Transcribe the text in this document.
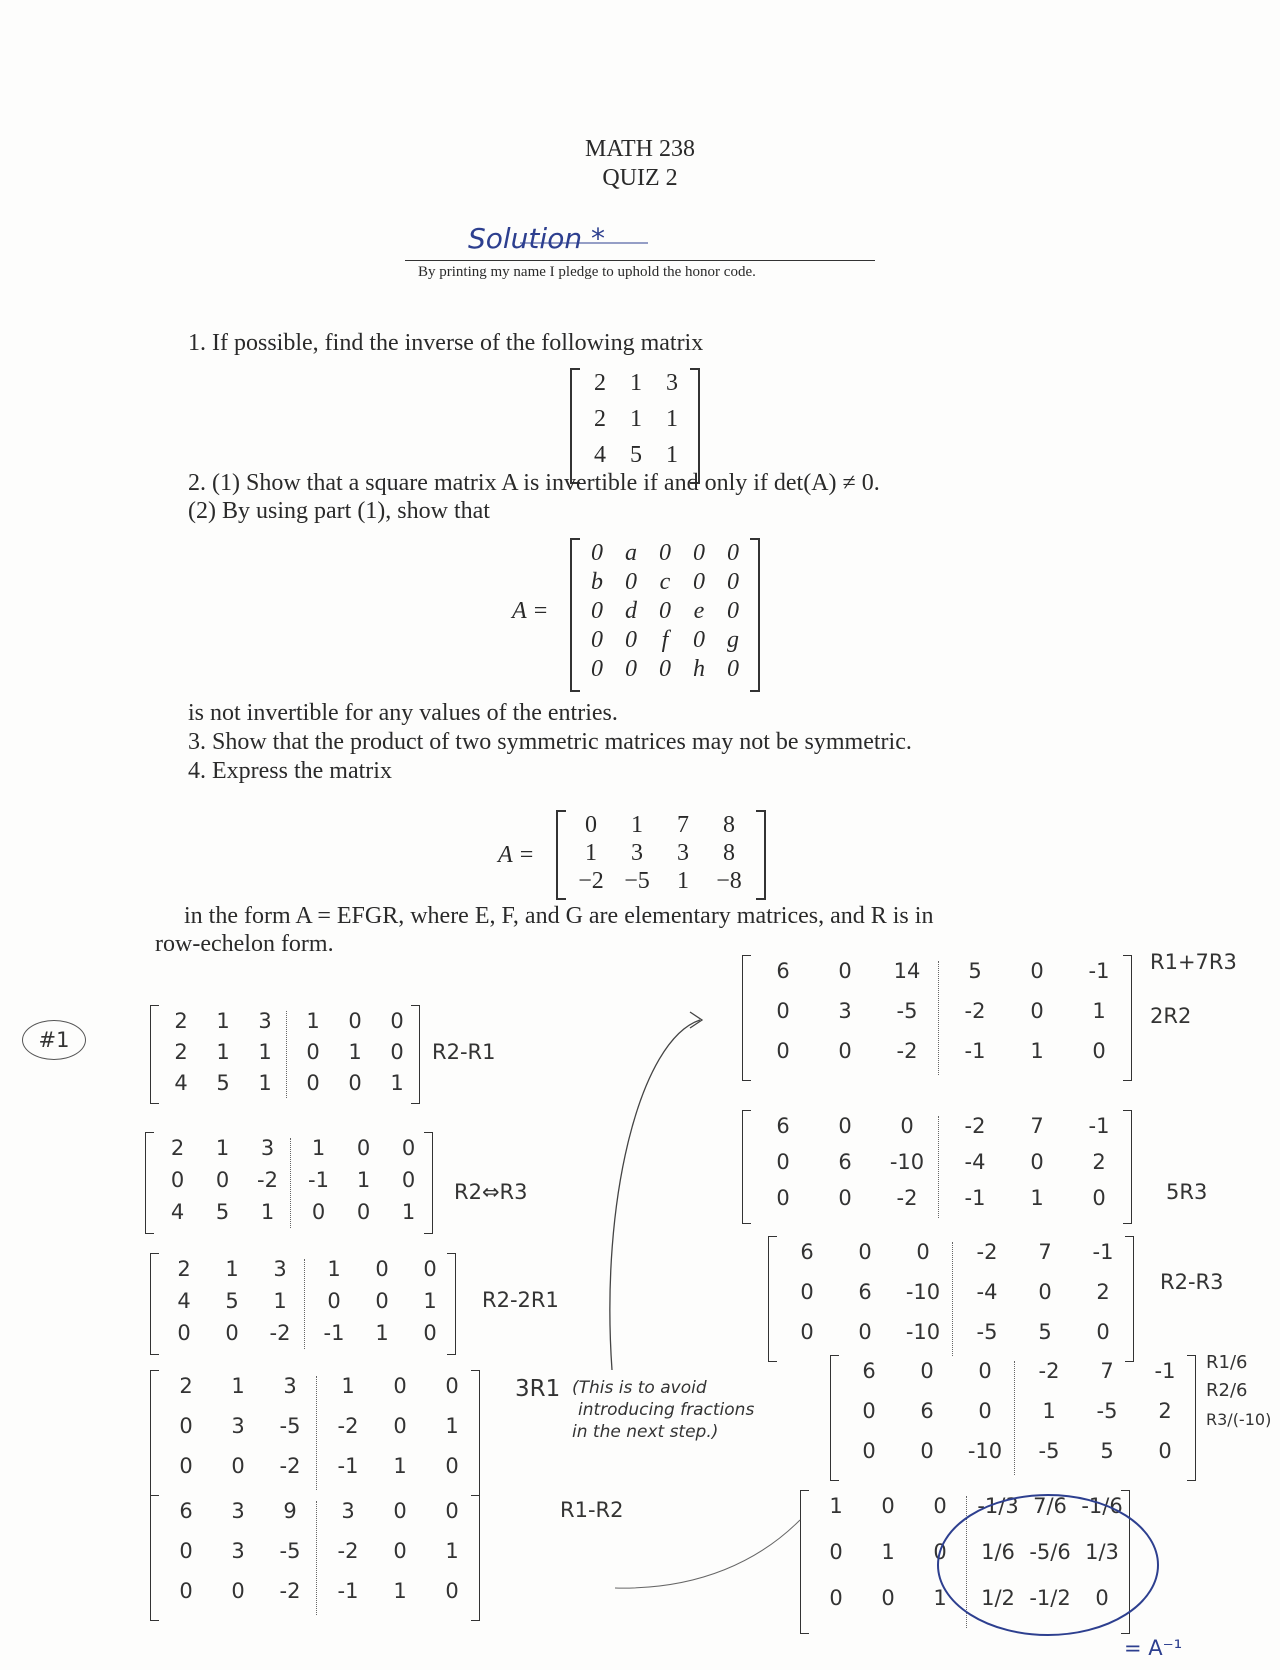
MATH 238
QUIZ 2
Solution *
By printing my name I pledge to uphold the honor code.
1. If possible, find the inverse of the following matrix
2	1	3
2	1	1
4	5	1
2. (1) Show that a square matrix A is invertible if and only if det(A) ≠ 0.
(2) By using part (1), show that
A =
0 a 0 0 0
b 0 c 0 0
0 d 0 e 0
0 0	f	0 g
0 0 0 h 0
is not invertible for any values of the entries.
3. Show that the product of two symmetric matrices may not be symmetric.
4. Express the matrix
A =
0	1	7	8
1	3	3	8
−2 −5	1	−8
in the form A = EFGR, where E, F, and G are elementary matrices, and R is in
row-echelon form.
#1
2	1	3	1	0	0
2	1	1	0	1	0
4	5	1	0	0	1
2	1	3	1	0	0
0	0	-2	-1	1	0
4	5	1	0	0	1
2	1	3	1	0	0
4	5	1	0	0	1
0	0	-2	-1	1	0
2	1	3	1	0	0
0	3	-5	-2	0	1
0	0	-2	-1	1	0
6	3	9	3	0	0
0	3	-5	-2	0	1
0	0	-2	-1	1	0
6	0	14	5	0	-1
0	3	-5	-2	0	1
0	0	-2	-1	1	0
6	0	0	-2	7	-1
0	6	-10	-4	0	2
0	0	-2	-1	1	0
6	0	0	-2	7	-1
0	6	-10	-4	0	2
0	0	-10	-5	5	0
6	0	0	-2	7	-1
0	6	0	1	-5	2
0	0	-10	-5	5	0
1	0	0	-1/3 7/6 -1/6
0	1	0	1/6 -5/6 1/3
0	0	1	1/2 -1/2	0
R2-R1
R2⇔R3
R2-2R1
3R1 (This is to avoid
introducing fractions
in the next step.)
R1-R2
R1+7R3
2R2
5R3
R2-R3
R1/6
R2/6
R3/(-10)
= A⁻¹
